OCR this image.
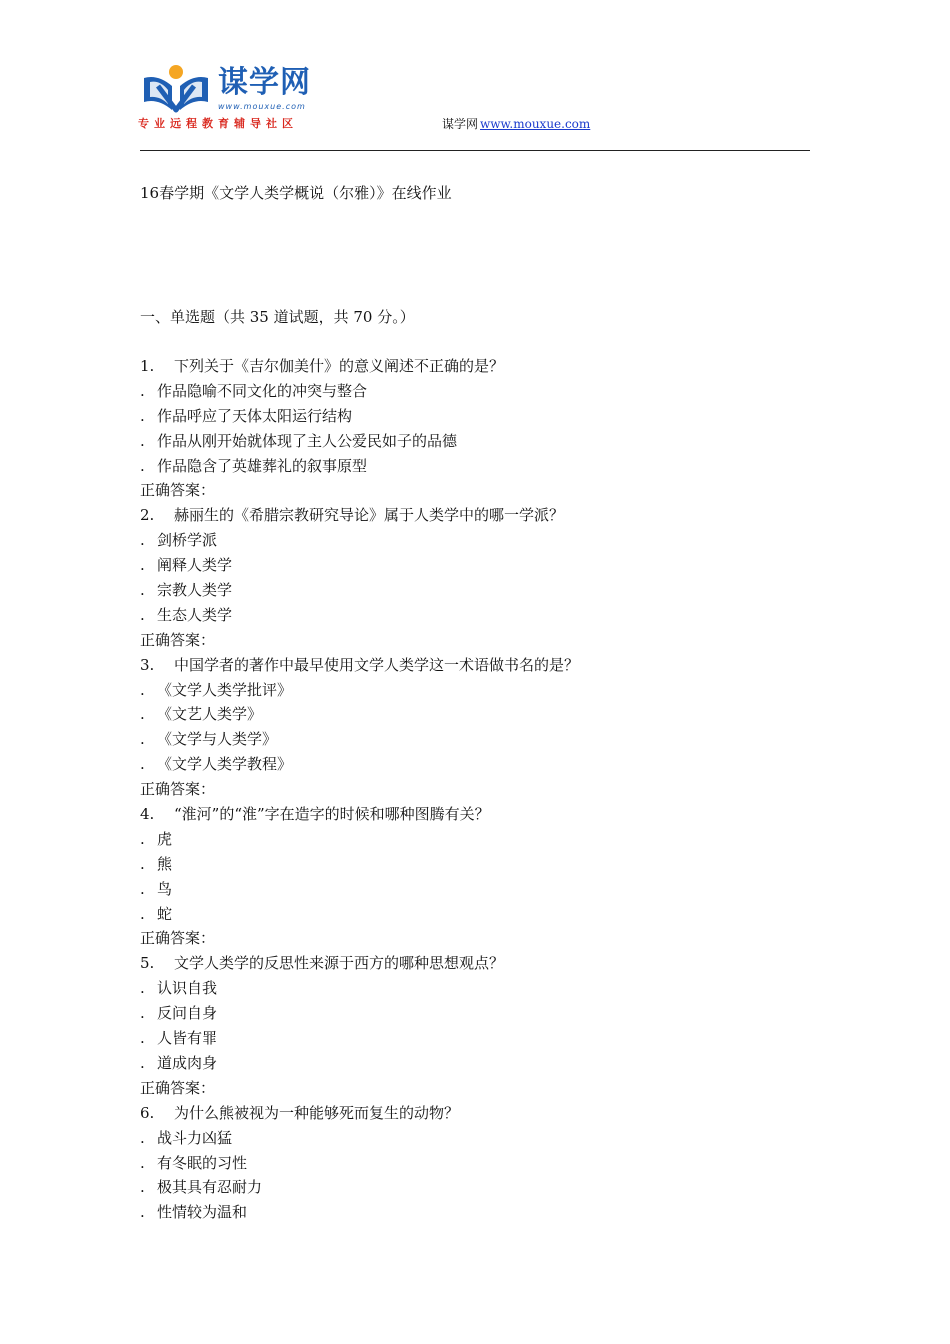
谋学网
www.mouxue.com
专业远程教育辅导社区	谋学网 www.mouxue.com
16春学期《文学人类学概说（尔雅）》在线作业
一、单选题（共 35 道试题，共 70 分。）
1. 下列关于《吉尔伽美什》的意义阐述不正确的是？
. 作品隐喻不同文化的冲突与整合
. 作品呼应了天体太阳运行结构
. 作品从刚开始就体现了主人公爱民如子的品德
. 作品隐含了英雄葬礼的叙事原型
正确答案：
2. 赫丽生的《希腊宗教研究导论》属于人类学中的哪一学派？
. 剑桥学派
. 阐释人类学
. 宗教人类学
. 生态人类学
正确答案：
3. 中国学者的著作中最早使用文学人类学这一术语做书名的是？
. 《文学人类学批评》
. 《文艺人类学》
. 《文学与人类学》
. 《文学人类学教程》
正确答案：
4. “淮河”的“淮”字在造字的时候和哪种图腾有关？
. 虎
. 熊
. 鸟
. 蛇
正确答案：
5. 文学人类学的反思性来源于西方的哪种思想观点？
. 认识自我
. 反问自身
. 人皆有罪
. 道成肉身
正确答案：
6. 为什么熊被视为一种能够死而复生的动物？
. 战斗力凶猛
. 有冬眠的习性
. 极其具有忍耐力
. 性情较为温和
